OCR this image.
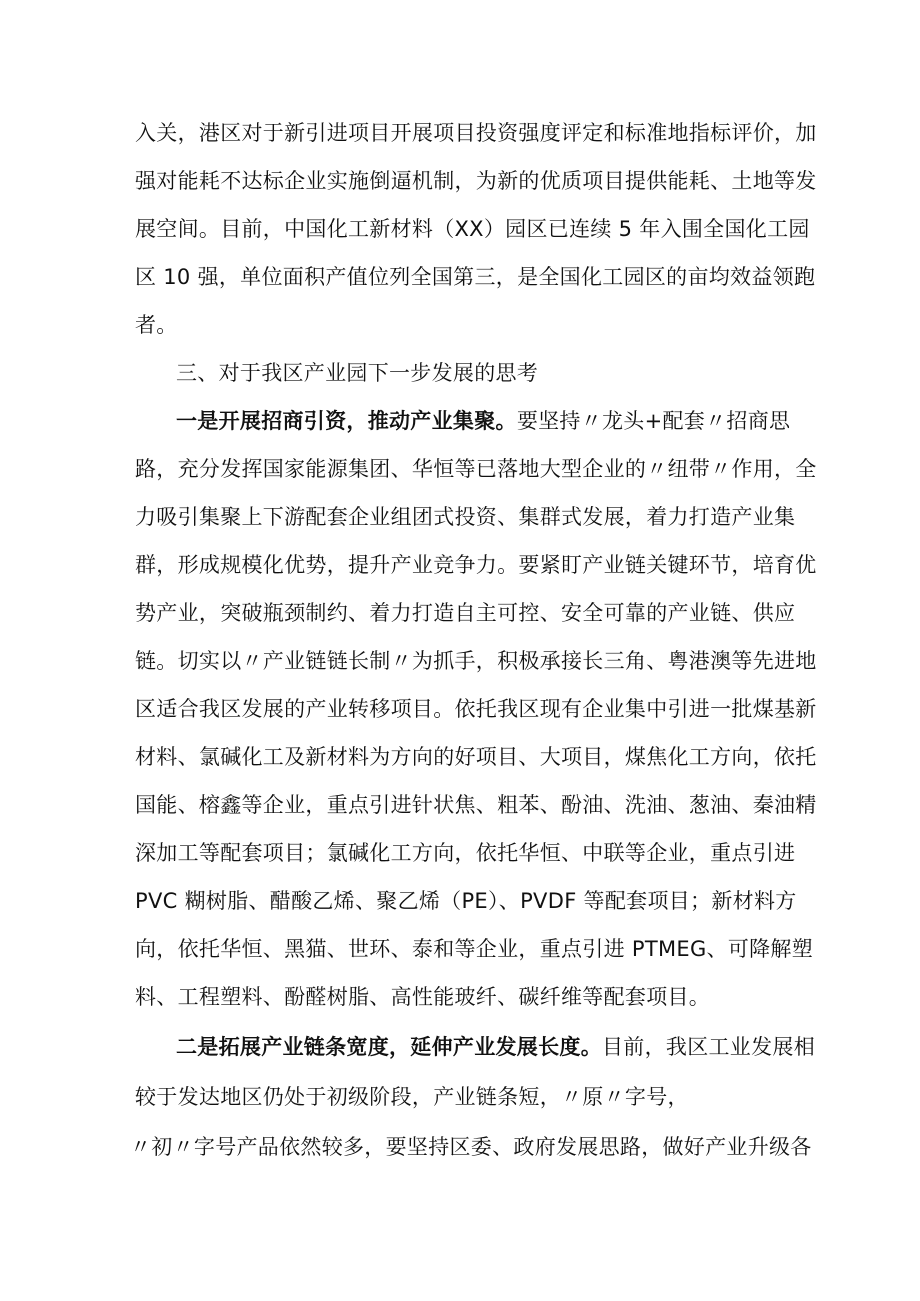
入关，港区对于新引进项目开展项目投资强度评定和标准地指标评价，加
强对能耗不达标企业实施倒逼机制，为新的优质项目提供能耗、土地等发
展空间。目前，中国化工新材料（XX）园区已连续 5 年入围全国化工园
区 10 强，单位面积产值位列全国第三，是全国化工园区的亩均效益领跑
者。
三、对于我区产业园下一步发展的思考
一是开展招商引资，推动产业集聚。要坚持〃龙头+配套〃招商思
路，充分发挥国家能源集团、华恒等已落地大型企业的〃纽带〃作用，全
力吸引集聚上下游配套企业组团式投资、集群式发展，着力打造产业集
群，形成规模化优势，提升产业竞争力。要紧盯产业链关键环节，培育优
势产业，突破瓶颈制约、着力打造自主可控、安全可靠的产业链、供应
链。切实以〃产业链链长制〃为抓手，积极承接长三角、粤港澳等先进地
区适合我区发展的产业转移项目。依托我区现有企业集中引进一批煤基新
材料、氯碱化工及新材料为方向的好项目、大项目，煤焦化工方向，依托
国能、榕鑫等企业，重点引进针状焦、粗苯、酚油、洗油、葱油、秦油精
深加工等配套项目；氯碱化工方向，依托华恒、中联等企业，重点引进
PVC 糊树脂、醋酸乙烯、聚乙烯（PE）、PVDF 等配套项目；新材料方
向，依托华恒、黑猫、世环、泰和等企业，重点引进 PTMEG、可降解塑
料、工程塑料、酚醛树脂、高性能玻纤、碳纤维等配套项目。
二是拓展产业链条宽度，延伸产业发展长度。目前，我区工业发展相
较于发达地区仍处于初级阶段，产业链条短，〃原〃字号，
〃初〃字号产品依然较多，要坚持区委、政府发展思路，做好产业升级各
